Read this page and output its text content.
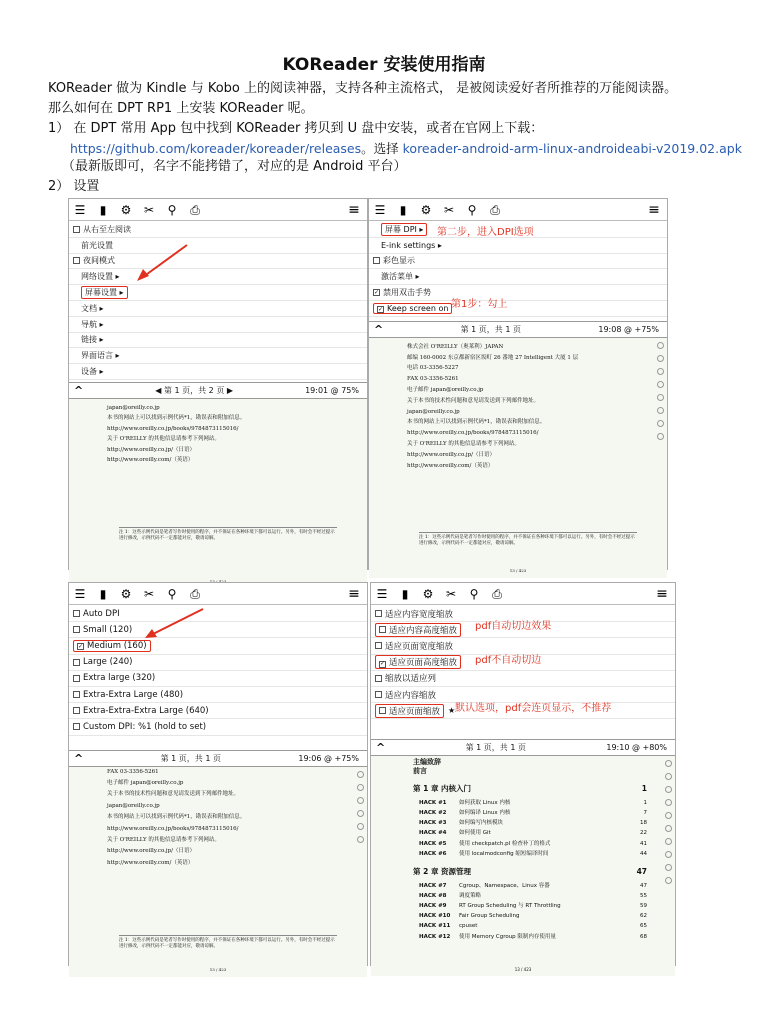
KOReader 安装使用指南
KOReader 做为 Kindle 与 Kobo 上的阅读神器，支持各种主流格式， 是被阅读爱好者所推荐的万能阅读器。
那么如何在 DPT RP1 上安装 KOReader 呢。
1） 在 DPT 常用 App 包中找到 KOReader 拷贝到 U 盘中安装，或者在官网上下载：
https://github.com/koreader/koreader/releases。选择 koreader-android-arm-linux-androideabi-v2019.02.apk
（最新版即可，名字不能拷错了，对应的是 Android 平台）
2） 设置
☰	▮	⚙ ✂ ⚲ ⎙	≡
从右至左阅读
前光设置
夜间模式
网络设置 ▸
屏幕设置 ▸
文档 ▸
导航 ▸
链接 ▸
界面语言 ▸
设备 ▸
^	◀ 第 1 页，共 2 页 ▶	19:01 @ 75%
japan@oreilly.co.jp
本书的网站上可以找到示例代码*1，勘误表和附加信息。
http://www.oreilly.co.jp/books/9784873115016/
关于 O'REILLY 的其他信息请参考下列网站。
http://www.oreilly.co.jp/（日语）
http://www.oreilly.com/（英语）
注 1：这些示例代码是笔者写作时使用的程序，并不保证在各种环境下都可以运行。另外，有时会不经过提示进行修改，示例代码不一定都能对应，敬请谅解。
☰	▮	⚙ ✂ ⚲ ⎙	≡
屏幕 DPI ▸
E-ink settings ▸
彩色显示
激活菜单 ▸
✓ 禁用双击手势
✓ Keep screen on
第二步，进入DPI选项
第1步：勾上
^	第 1 页，共 1 页	19:08 @ +75%
株式会社 O'REILLY（奥莱利）JAPAN
邮编 160-0002 东京都新宿区坂町 26 番地 27 Intelligent 大厦 1 层
电话 03-3356-5227
FAX 03-3356-5261
电子邮件 japan@oreilly.co.jp
关于本书的技术性问题和意见请发送到下列邮件地址。
japan@oreilly.co.jp
本书的网站上可以找到示例代码*1，勘误表和附加信息。
http://www.oreilly.co.jp/books/9784873115016/
关于 O'REILLY 的其他信息请参考下列网站。
http://www.oreilly.co.jp/（日语）
http://www.oreilly.com/（英语）
注 1：这些示例代码是笔者写作时使用的程序，并不保证在各种环境下都可以运行。另外，有时会不经过提示进行修改，示例代码不一定都能对应，敬请谅解。
13 / 423
☰	▮	⚙ ✂ ⚲ ⎙	≡
Auto DPI
Small (120)
✓ Medium (160)
Large (240)
Extra large (320)
Extra-Extra Large (480)
Extra-Extra-Extra Large (640)
Custom DPI: %1 (hold to set)
^	第 1 页，共 1 页	19:06 @ +75%
FAX 03-3356-5261
电子邮件 japan@oreilly.co.jp
关于本书的技术性问题和意见请发送到下列邮件地址。
japan@oreilly.co.jp
本书的网站上可以找到示例代码*1，勘误表和附加信息。
http://www.oreilly.co.jp/books/9784873115016/
关于 O'REILLY 的其他信息请参考下列网站。
http://www.oreilly.co.jp/（日语）
http://www.oreilly.com/（英语）
注 1：这些示例代码是笔者写作时使用的程序，并不保证在各种环境下都可以运行。另外，有时会不经过提示进行修改，示例代码不一定都能对应，敬请谅解。
13 / 423
☰	▮	⚙ ✂ ⚲ ⎙	≡
适应内容宽度缩放
适应内容高度缩放
适应页面宽度缩放
✓ 适应页面高度缩放
缩放以适应列
适应内容缩放
适应页面缩放	★
pdf自动切边效果
pdf不自动切边
默认选项，pdf会连页显示，不推荐
^	第 1 页，共 1 页	19:10 @ +80%
主编致辞
前言
第 1 章 内核入门	1
HACK #1	如何获取 Linux 内核	1
HACK #2	如何编译 Linux 内核	7
HACK #3	如何编写内核模块	18
HACK #4	如何使用 Git	22
HACK #5	使用 checkpatch.pl 检查补丁的格式	41
HACK #6	使用 localmodconfig 缩短编译时间	44
第 2 章 资源管理	47
HACK #7	Cgroup、Namespace、Linux 容器	47
HACK #8	调度策略	55
HACK #9	RT Group Scheduling 与 RT Throttling	59
HACK #10	Fair Group Scheduling	62
HACK #11	cpuset	65
HACK #12	使用 Memory Cgroup 限制内存使用量	68
13 / 423
